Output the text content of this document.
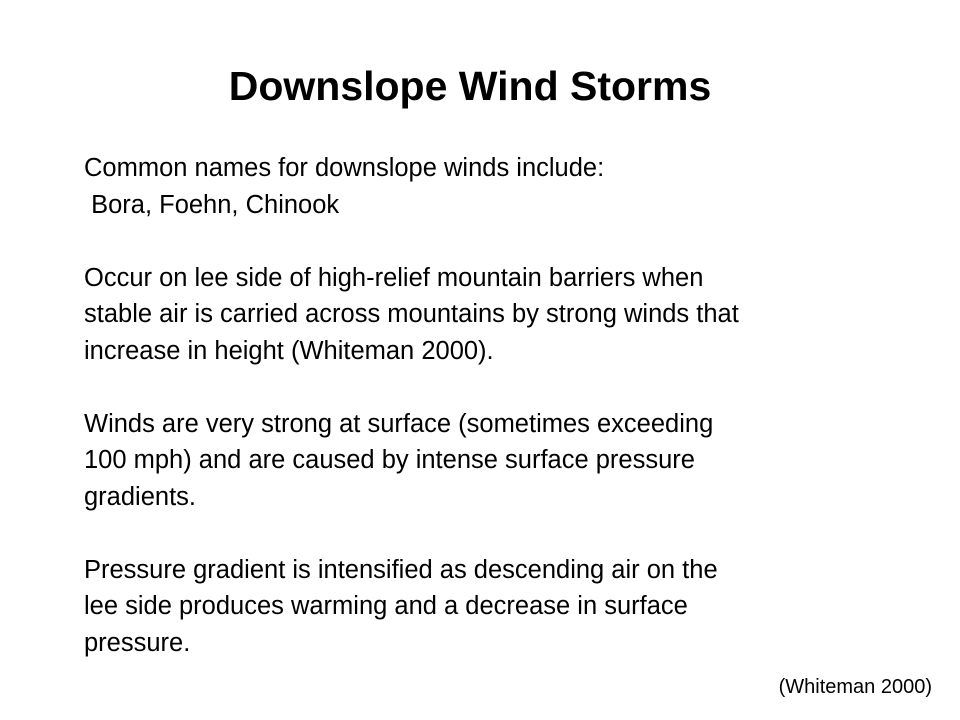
Downslope Wind Storms
Common names for downslope winds include:
Bora, Foehn, Chinook
Occur on lee side of high-relief mountain barriers when
stable air is carried across mountains by strong winds that
increase in height (Whiteman 2000).
Winds are very strong at surface (sometimes exceeding
100 mph) and are caused by intense surface pressure
gradients.
Pressure gradient is intensified as descending air on the
lee side produces warming and a decrease in surface
pressure.
(Whiteman 2000)
